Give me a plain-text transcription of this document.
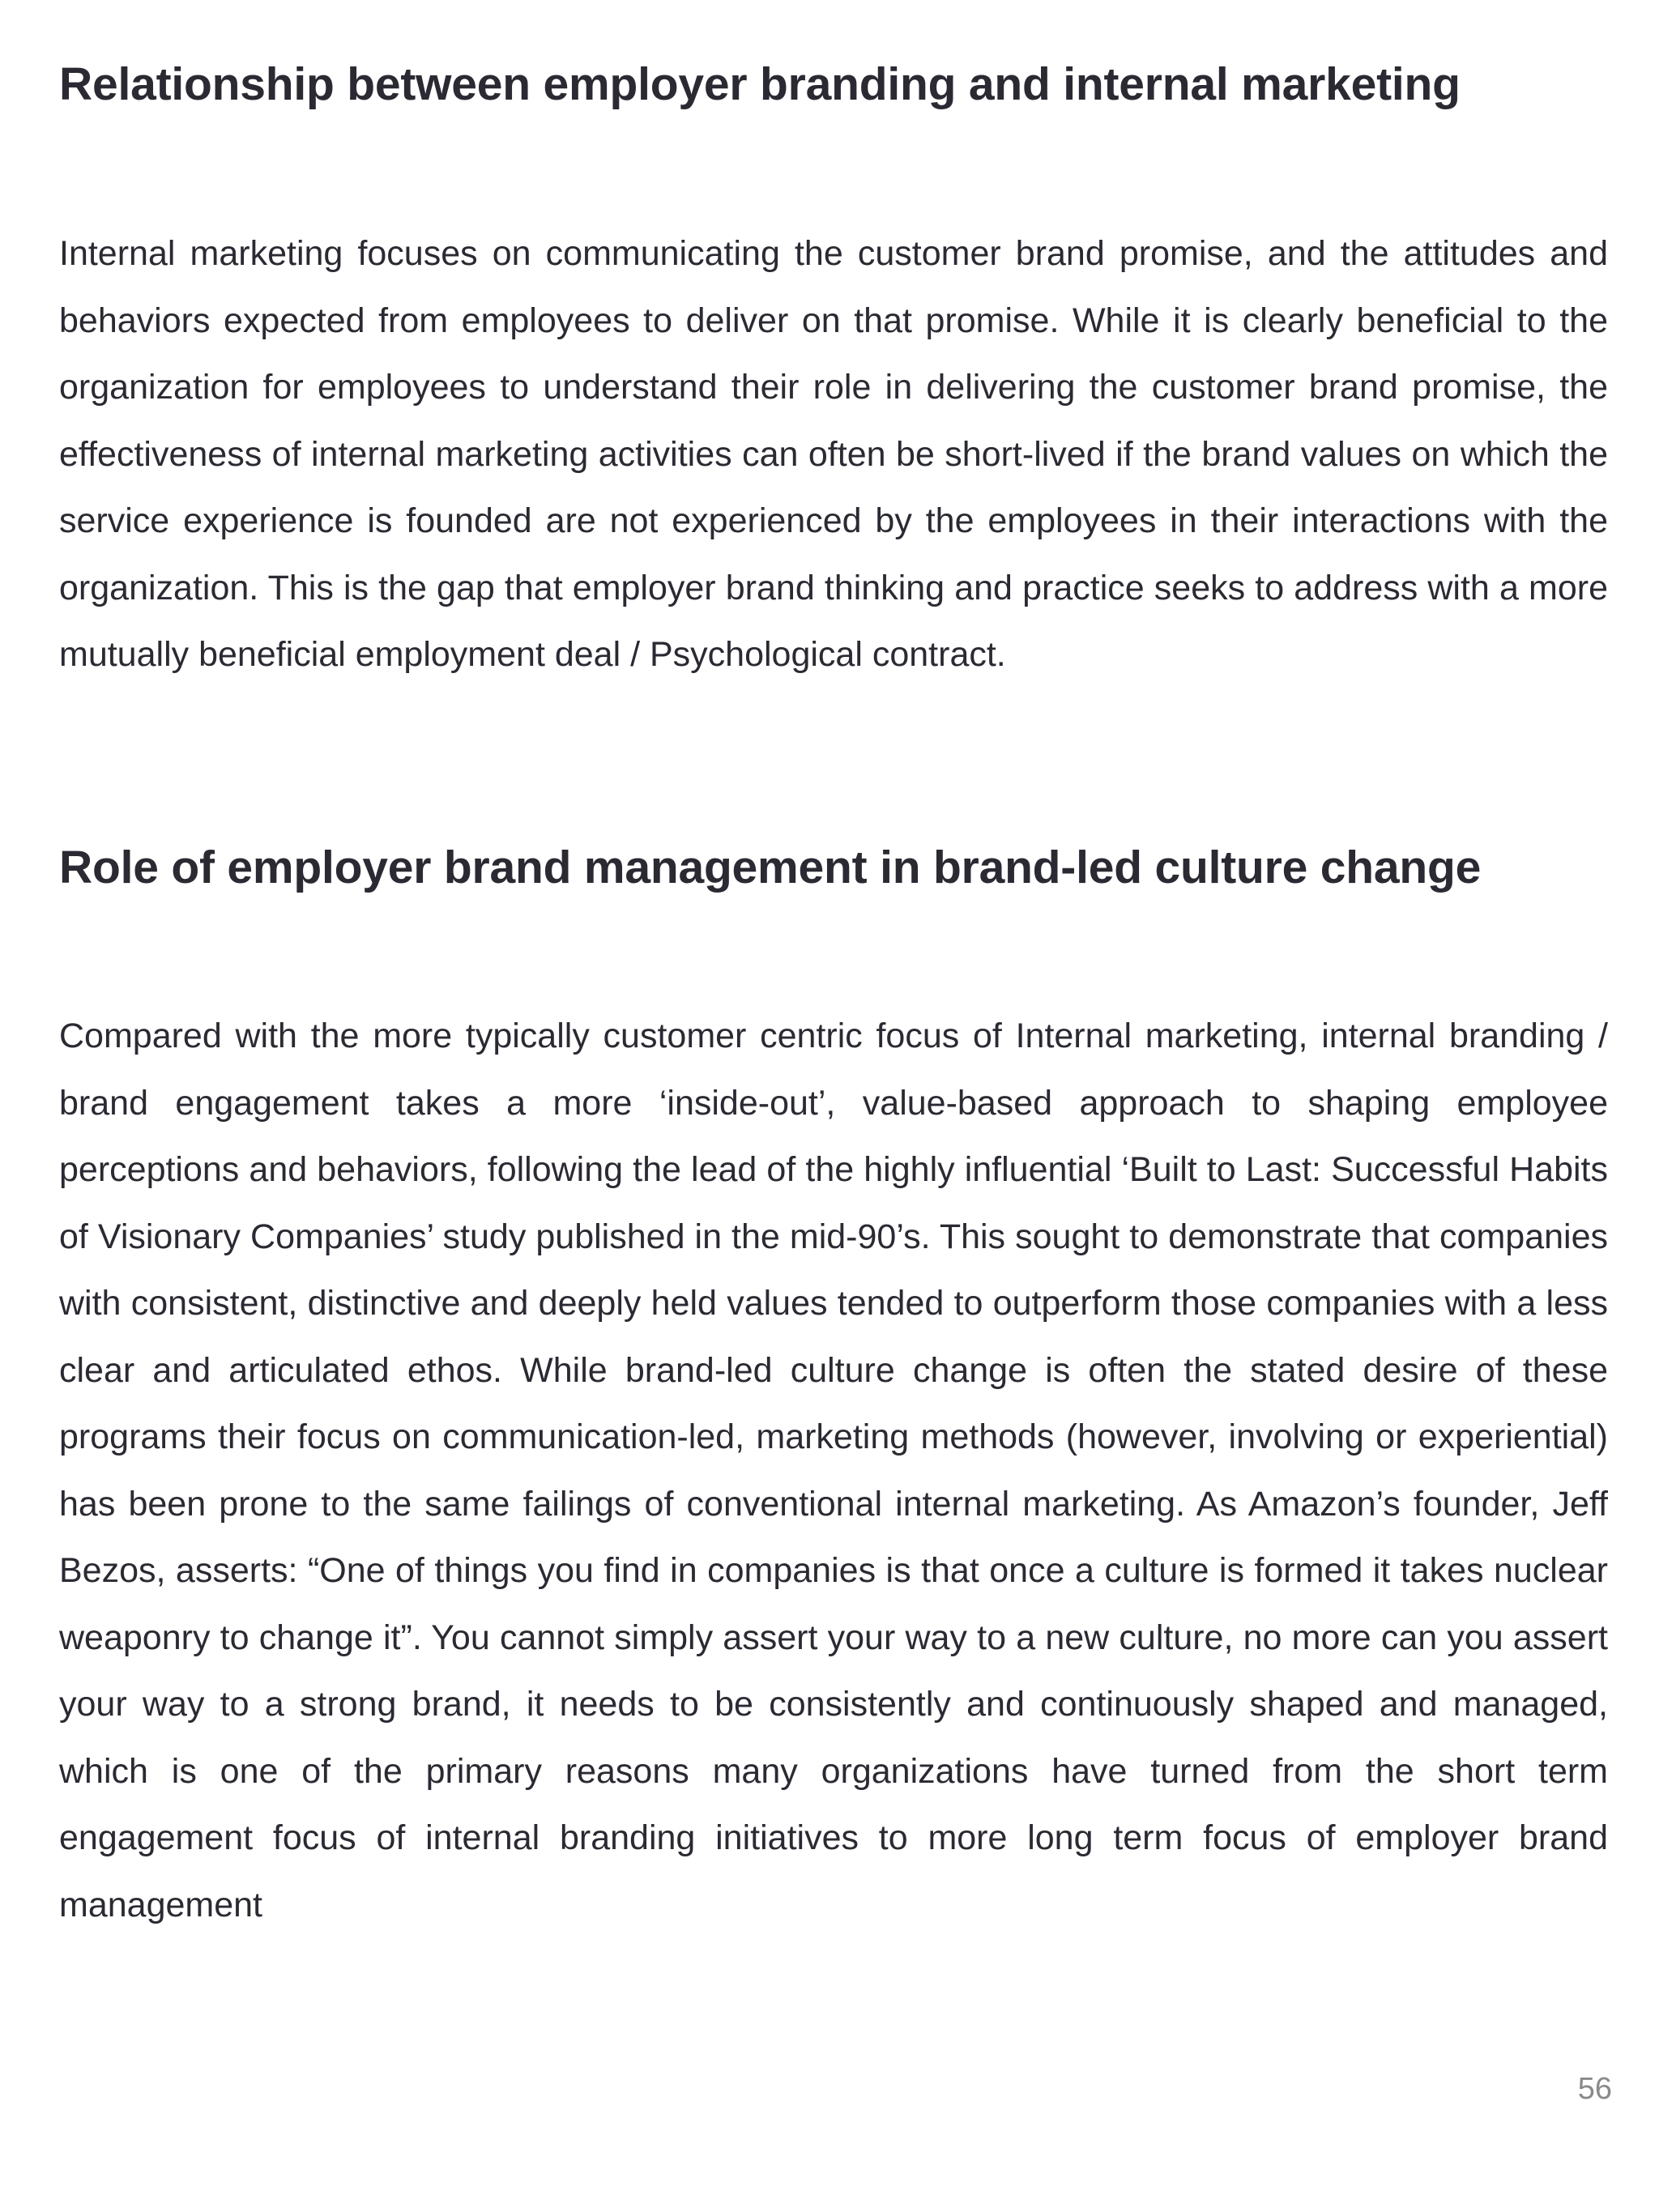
Relationship between employer branding and internal marketing

Internal marketing focuses on communicating the customer brand promise, and the attitudes and behaviors expected from employees to deliver on that promise. While it is clearly beneficial to the organization for employees to understand their role in delivering the customer brand promise, the effectiveness of internal marketing activities can often be short-lived if the brand values on which the service experience is founded are not experienced by the employees in their interactions with the organization. This is the gap that employer brand thinking and practice seeks to address with a more mutually beneficial employment deal / Psychological contract.

Role of employer brand management in brand-led culture change

Compared with the more typically customer centric focus of Internal marketing, internal branding / brand engagement takes a more ‘inside-out’, value-based approach to shaping employee perceptions and behaviors, following the lead of the highly influential ‘Built to Last: Successful Habits of Visionary Companies’ study published in the mid-90’s. This sought to demonstrate that companies with consistent, distinctive and deeply held values tended to outperform those companies with a less clear and articulated ethos. While brand-led culture change is often the stated desire of these programs their focus on communication-led, marketing methods (however, involving or experiential) has been prone to the same failings of conventional internal marketing. As Amazon’s founder, Jeff Bezos, asserts: “One of things you find in companies is that once a culture is formed it takes nuclear weaponry to change it”. You cannot simply assert your way to a new culture, no more can you assert your way to a strong brand, it needs to be consistently and continuously shaped and managed, which is one of the primary reasons many organizations have turned from the short term engagement focus of internal branding initiatives to more long term focus of employer brand management

56
